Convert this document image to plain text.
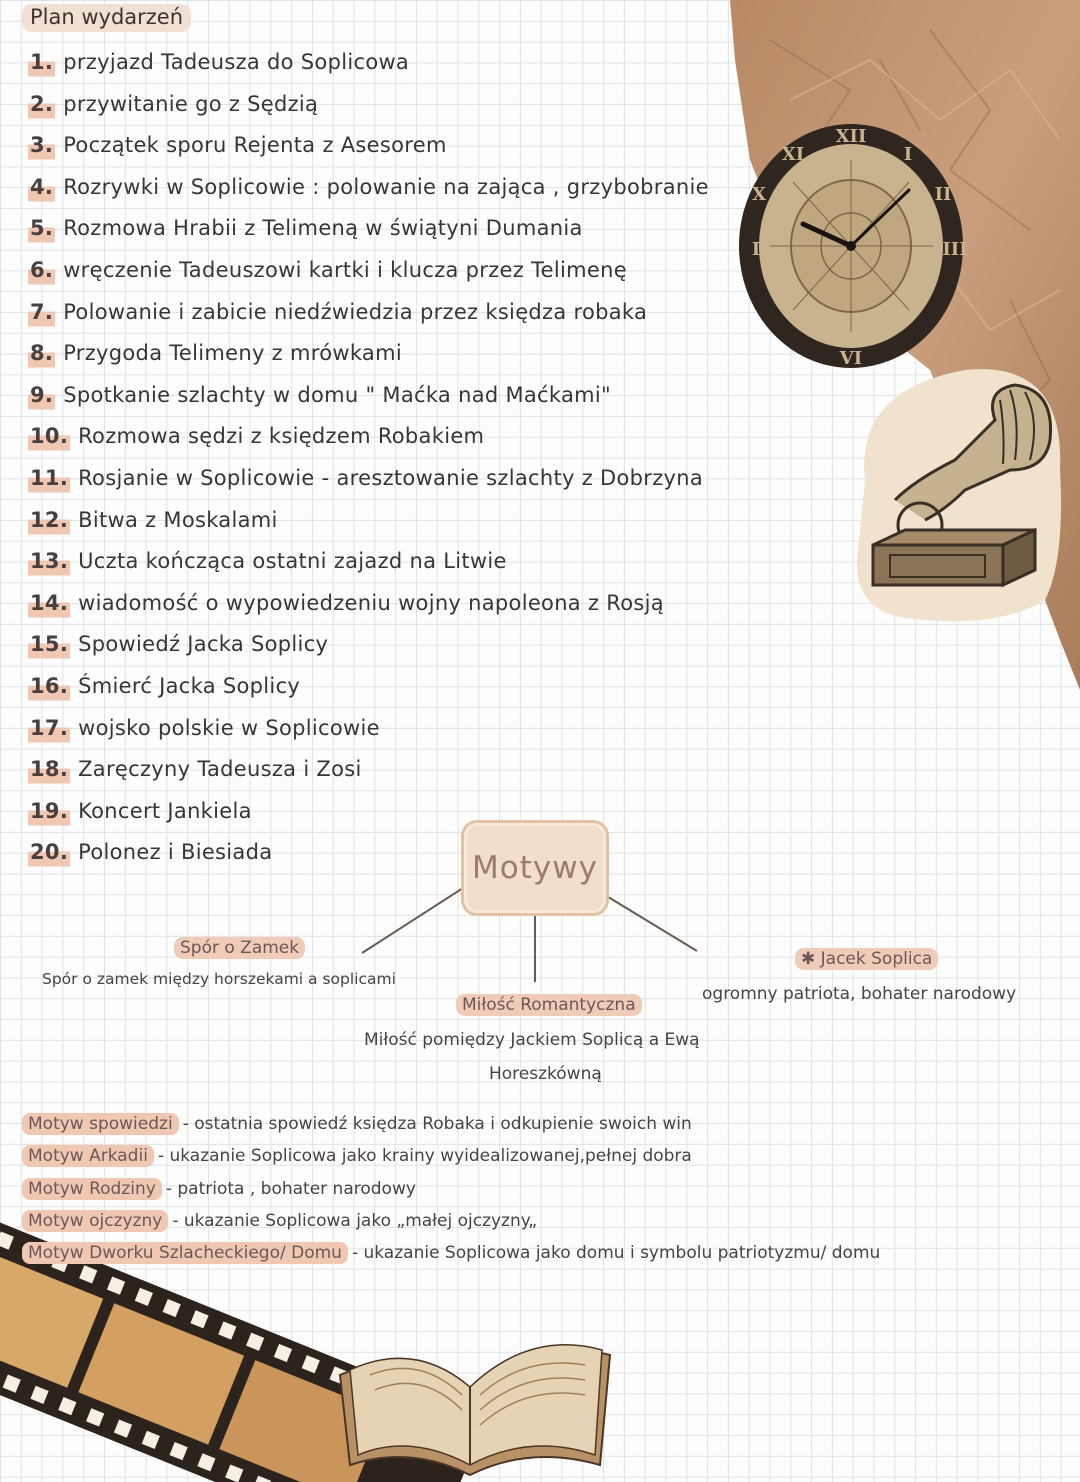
XII
I
II
III
IX
XI
X
VI
Plan wydarzeń
1. przyjazd Tadeusza do Soplicowa
2. przywitanie go z Sędzią
3. Początek sporu Rejenta z Asesorem
4. Rozrywki w Soplicowie : polowanie na zająca , grzybobranie
5. Rozmowa Hrabii z Telimeną w świątyni Dumania
6. wręczenie Tadeuszowi kartki i klucza przez Telimenę
7. Polowanie i zabicie niedźwiedzia przez księdza robaka
8. Przygoda Telimeny z mrówkami
9. Spotkanie szlachty w domu " Maćka nad Maćkami"
10. Rozmowa sędzi z księdzem Robakiem
11. Rosjanie w Soplicowie - aresztowanie szlachty z Dobrzyna
12. Bitwa z Moskalami
13. Uczta kończąca ostatni zajazd na Litwie
14. wiadomość o wypowiedzeniu wojny napoleona z Rosją
15. Spowiedź Jacka Soplicy
16. Śmierć Jacka Soplicy
17. wojsko polskie w Soplicowie
18. Zaręczyny Tadeusza i Zosi
19. Koncert Jankiela
20. Polonez i Biesiada	Motywy
Spór o Zamek
Spór o zamek między horszekami a soplicami
Miłość Romantyczna
Miłość pomiędzy Jackiem Soplicą a Ewą
Horeszkówną
✱ Jacek Soplica
ogromny patriota, bohater narodowy
Motyw spowiedzi - ostatnia spowiedź księdza Robaka i odkupienie swoich win
Motyw Arkadii - ukazanie Soplicowa jako krainy wyidealizowanej,pełnej dobra
Motyw Rodziny - patriota , bohater narodowy
Motyw ojczyzny - ukazanie Soplicowa jako „małej ojczyzny„
Motyw Dworku Szlacheckiego/ Domu - ukazanie Soplicowa jako domu i symbolu patriotyzmu/ domu
